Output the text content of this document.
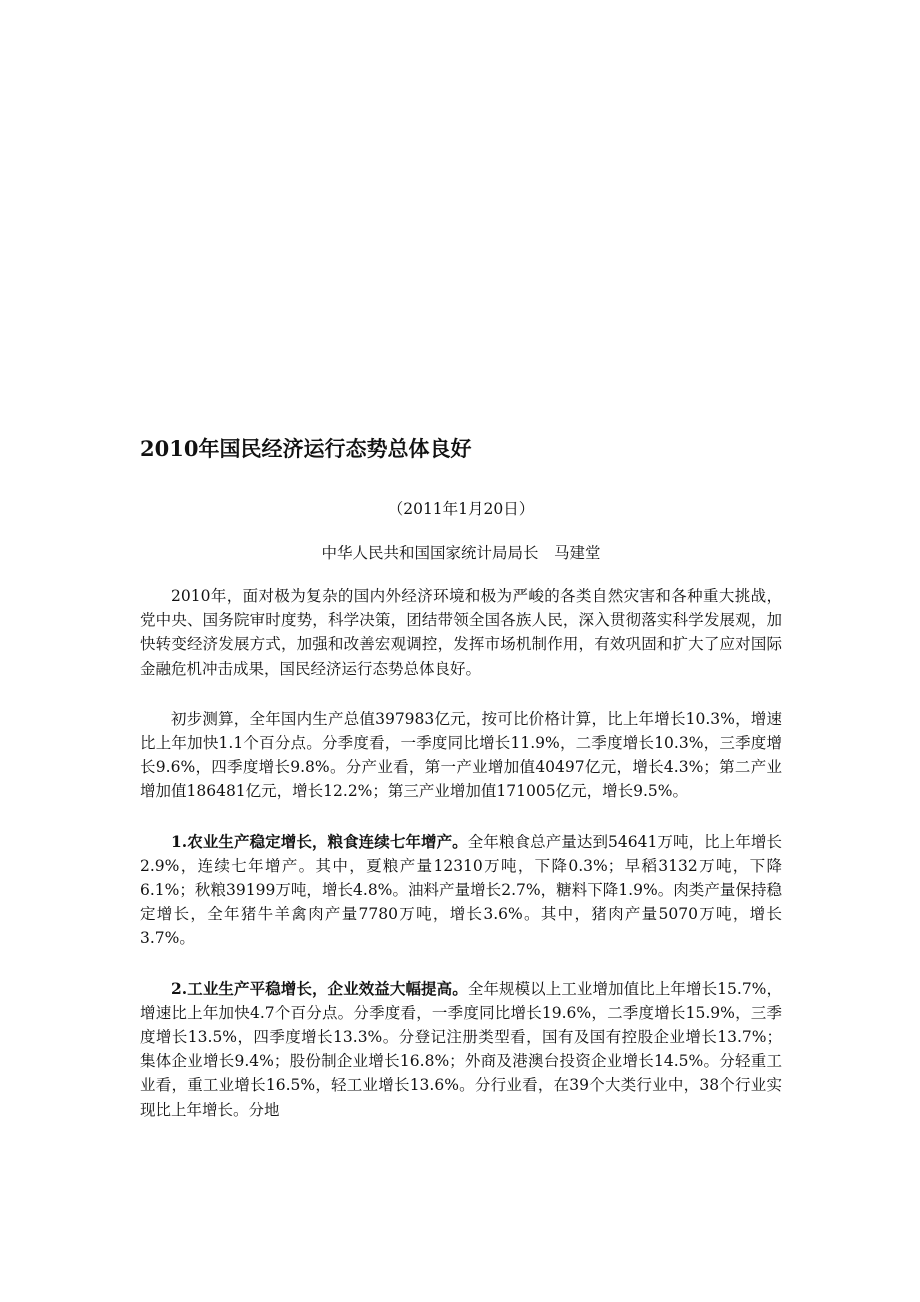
2010年国民经济运行态势总体良好
（2011年1月20日）
中华人民共和国国家统计局局长　马建堂

2010年，面对极为复杂的国内外经济环境和极为严峻的各类自然灾害和各种重大挑战，党中央、国务院审时度势，科学决策，团结带领全国各族人民，深入贯彻落实科学发展观，加快转变经济发展方式，加强和改善宏观调控，发挥市场机制作用，有效巩固和扩大了应对国际金融危机冲击成果，国民经济运行态势总体良好。

初步测算，全年国内生产总值397983亿元，按可比价格计算，比上年增长10.3%，增速比上年加快1.1个百分点。分季度看，一季度同比增长11.9%，二季度增长10.3%，三季度增长9.6%，四季度增长9.8%。分产业看，第一产业增加值40497亿元，增长4.3%；第二产业增加值186481亿元，增长12.2%；第三产业增加值171005亿元，增长9.5%。

1.农业生产稳定增长，粮食连续七年增产。全年粮食总产量达到54641万吨，比上年增长2.9%，连续七年增产。其中，夏粮产量12310万吨，下降0.3%；早稻3132万吨，下降6.1%；秋粮39199万吨，增长4.8%。油料产量增长2.7%，糖料下降1.9%。肉类产量保持稳定增长，全年猪牛羊禽肉产量7780万吨，增长3.6%。其中，猪肉产量5070万吨，增长3.7%。

2.工业生产平稳增长，企业效益大幅提高。全年规模以上工业增加值比上年增长15.7%，增速比上年加快4.7个百分点。分季度看，一季度同比增长19.6%，二季度增长15.9%，三季度增长13.5%，四季度增长13.3%。分登记注册类型看，国有及国有控股企业增长13.7%；集体企业增长9.4%；股份制企业增长16.8%；外商及港澳台投资企业增长14.5%。分轻重工业看，重工业增长16.5%，轻工业增长13.6%。分行业看，在39个大类行业中，38个行业实现比上年增长。分地
